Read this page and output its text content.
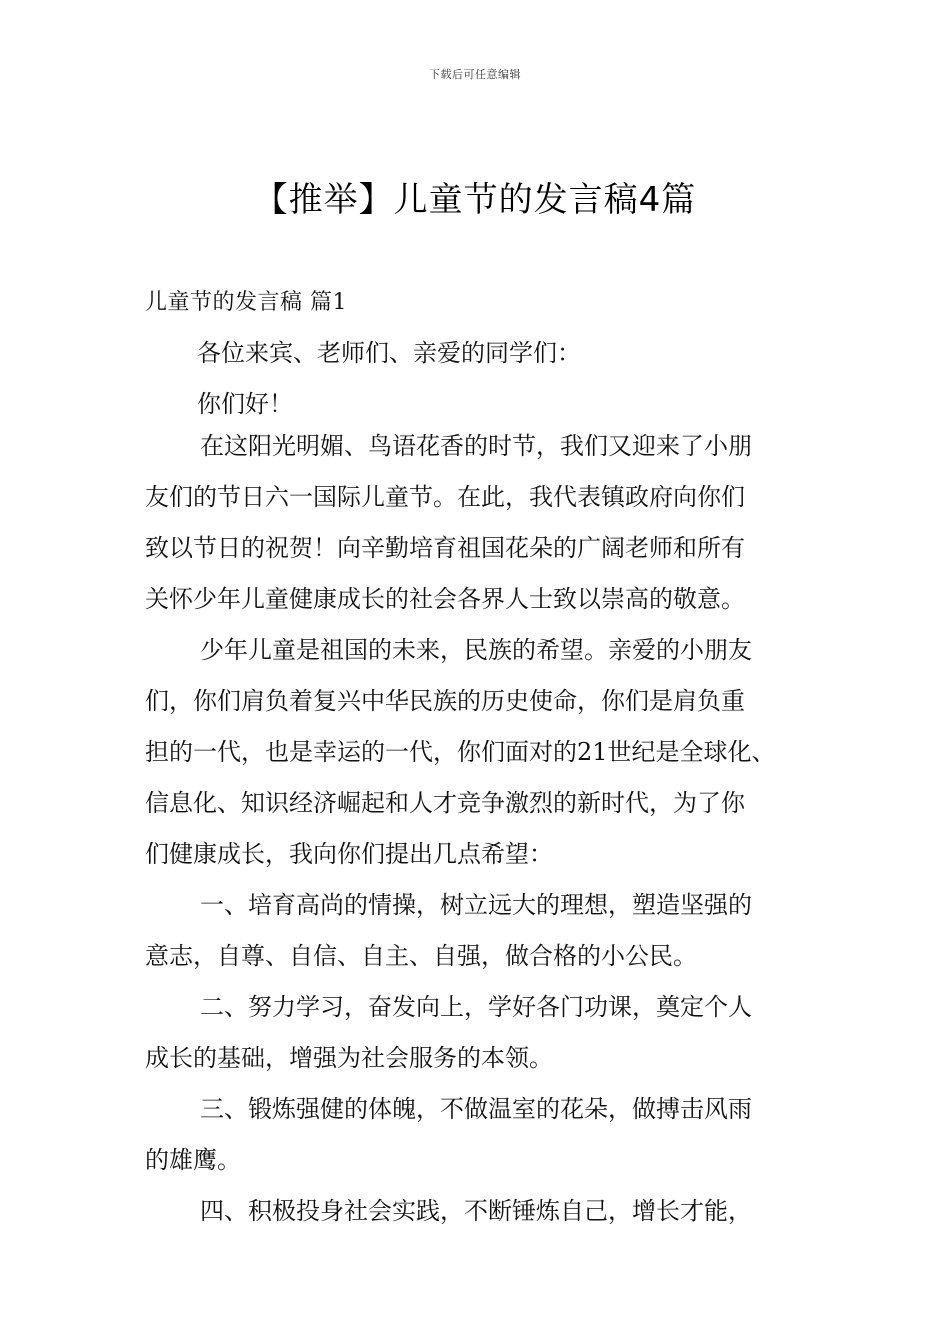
下载后可任意编辑
【推举】儿童节的发言稿4篇
儿童节的发言稿 篇1

各位来宾、老师们、亲爱的同学们：

你们好！

在这阳光明媚、鸟语花香的时节，我们又迎来了小朋
友们的节日六一国际儿童节。在此，我代表镇政府向你们
致以节日的祝贺！向辛勤培育祖国花朵的广阔老师和所有
关怀少年儿童健康成长的社会各界人士致以崇高的敬意。
少年儿童是祖国的未来，民族的希望。亲爱的小朋友
们，你们肩负着复兴中华民族的历史使命，你们是肩负重
担的一代，也是幸运的一代，你们面对的21世纪是全球化、
信息化、知识经济崛起和人才竞争激烈的新时代，为了你
们健康成长，我向你们提出几点希望：
一、培育高尚的情操，树立远大的理想，塑造坚强的
意志，自尊、自信、自主、自强，做合格的小公民。
二、努力学习，奋发向上，学好各门功课，奠定个人
成长的基础，增强为社会服务的本领。
三、锻炼强健的体魄，不做温室的花朵，做搏击风雨
的雄鹰。
四、积极投身社会实践，不断锤炼自己，增长才能，
